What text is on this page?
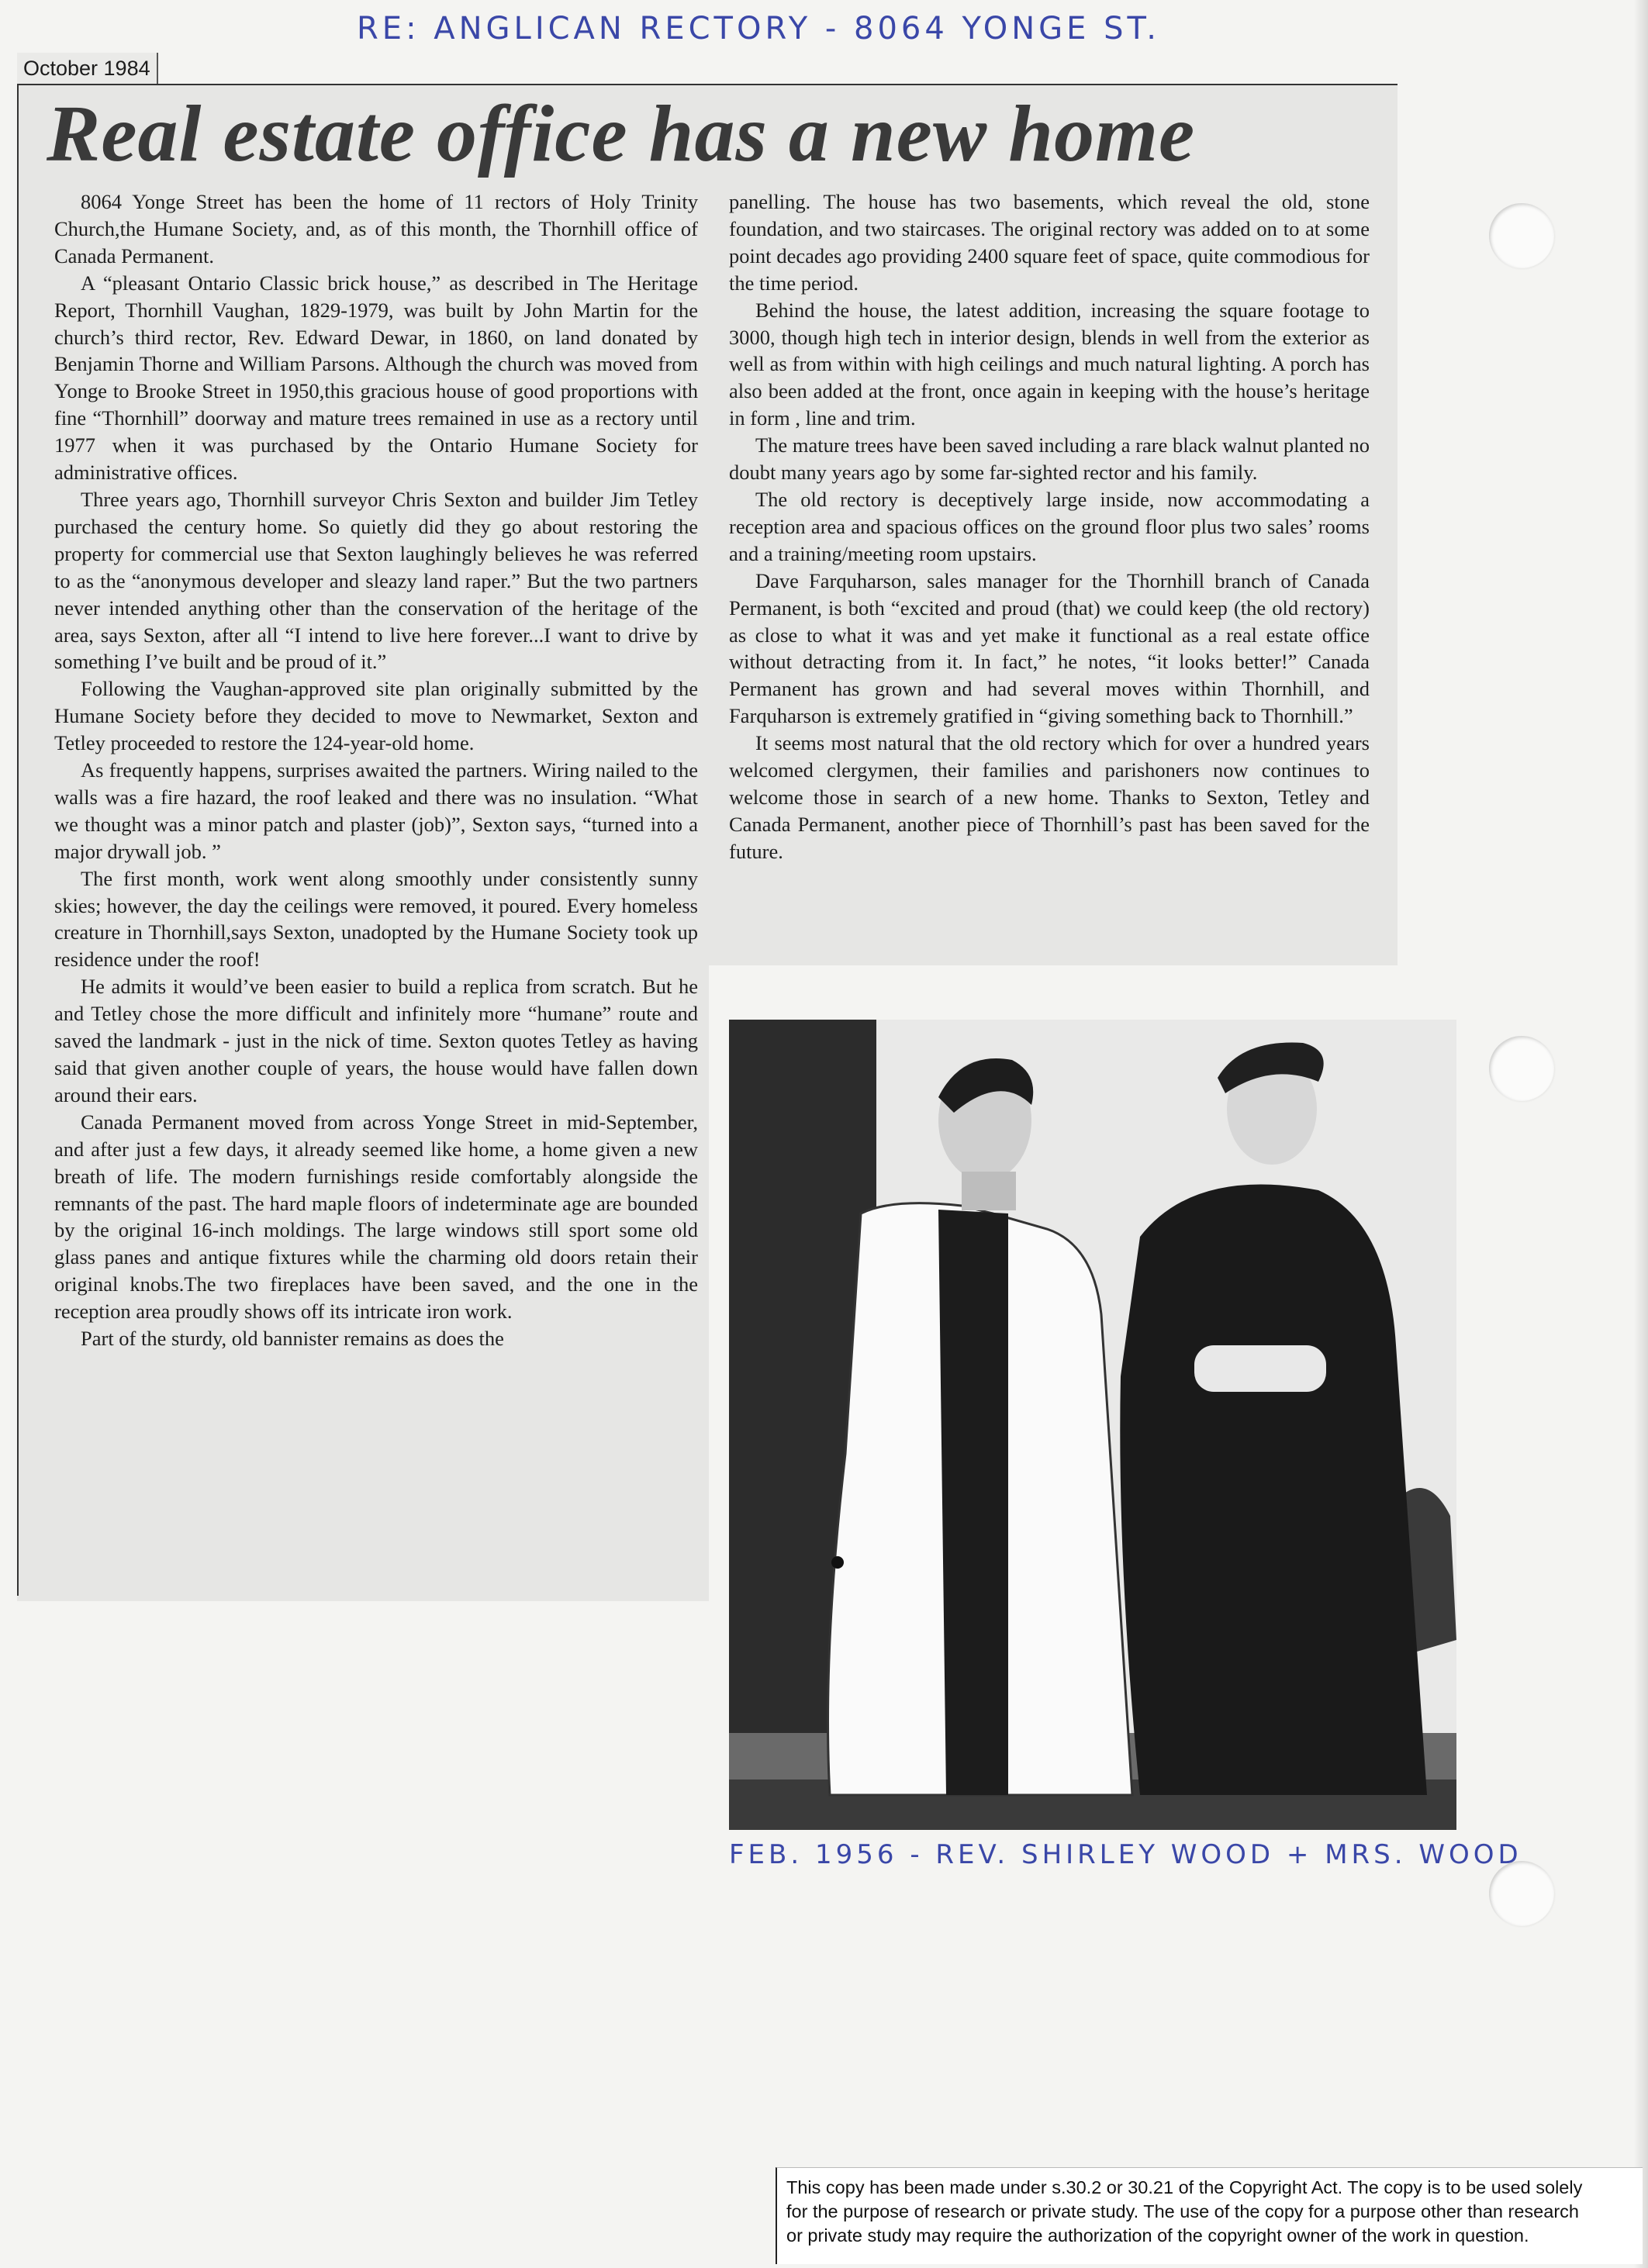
RE: ANGLICAN RECTORY - 8064 YONGE ST.
October 1984
Real estate office has a new home

8064 Yonge Street has been the home of 11 rectors of Holy Trinity Church,the Humane Society, and, as of this month, the Thornhill office of Canada Permanent.

A “pleasant Ontario Classic brick house,” as described in The Heritage Report, Thornhill Vaughan, 1829-1979, was built by John Martin for the church’s third rector, Rev. Edward Dewar, in 1860, on land donated by Benjamin Thorne and William Parsons. Although the church was moved from Yonge to Brooke Street in 1950,this gracious house of good proportions with fine “Thornhill” doorway and mature trees remained in use as a rectory until 1977 when it was purchased by the Ontario Humane Society for administrative offices.

Three years ago, Thornhill surveyor Chris Sexton and builder Jim Tetley purchased the century home. So quietly did they go about restoring the property for commercial use that Sexton laughingly believes he was referred to as the “anonymous developer and sleazy land raper.” But the two partners never intended anything other than the conservation of the heritage of the area, says Sexton, after all “I intend to live here forever...I want to drive by something I’ve built and be proud of it.”

Following the Vaughan-approved site plan originally submitted by the Humane Society before they decided to move to Newmarket, Sexton and Tetley proceeded to restore the 124-year-old home.

As frequently happens, surprises awaited the partners. Wiring nailed to the walls was a fire hazard, the roof leaked and there was no insulation. “What we thought was a minor patch and plaster (job)”, Sexton says, “turned into a major drywall job. ”

The first month, work went along smoothly under consistently sunny skies; however, the day the ceilings were removed, it poured. Every homeless creature in Thornhill,says Sexton, unadopted by the Humane Society took up residence under the roof!

He admits it would’ve been easier to build a replica from scratch. But he and Tetley chose the more difficult and infinitely more “humane” route and saved the landmark - just in the nick of time. Sexton quotes Tetley as having said that given another couple of years, the house would have fallen down around their ears.

Canada Permanent moved from across Yonge Street in mid-September, and after just a few days, it already seemed like home, a home given a new breath of life. The modern furnishings reside comfortably alongside the remnants of the past. The hard maple floors of indeterminate age are bounded by the original 16-inch moldings. The large windows still sport some old glass panes and antique fixtures while the charming old doors retain their original knobs.The two fireplaces have been saved, and the one in the reception area proudly shows off its intricate iron work.

Part of the sturdy, old bannister remains as does the

panelling. The house has two basements, which reveal the old, stone foundation, and two staircases. The original rectory was added on to at some point decades ago providing 2400 square feet of space, quite commodious for the time period.

Behind the house, the latest addition, increasing the square footage to 3000, though high tech in interior design, blends in well from the exterior as well as from within with high ceilings and much natural lighting. A porch has also been added at the front, once again in keeping with the house’s heritage in form , line and trim.

The mature trees have been saved including a rare black walnut planted no doubt many years ago by some far-sighted rector and his family.

The old rectory is deceptively large inside, now accommodating a reception area and spacious offices on the ground floor plus two sales’ rooms and a training/meeting room upstairs.

Dave Farquharson, sales manager for the Thornhill branch of Canada Permanent, is both “excited and proud (that) we could keep (the old rectory) as close to what it was and yet make it functional as a real estate office without detracting from it. In fact,” he notes, “it looks better!” Canada Permanent has grown and had several moves within Thornhill, and Farquharson is extremely gratified in “giving something back to Thornhill.”

It seems most natural that the old rectory which for over a hundred years welcomed clergymen, their families and parishoners now continues to welcome those in search of a new home. Thanks to Sexton, Tetley and Canada Permanent, another piece of Thornhill’s past has been saved for the future.

FEB. 1956 - REV. SHIRLEY WOOD + MRS. WOOD
This copy has been made under s.30.2 or 30.21 of the Copyright Act. The copy is to be used solely
for the purpose of research or private study. The use of the copy for a purpose other than research
or private study may require the authorization of the copyright owner of the work in question.
